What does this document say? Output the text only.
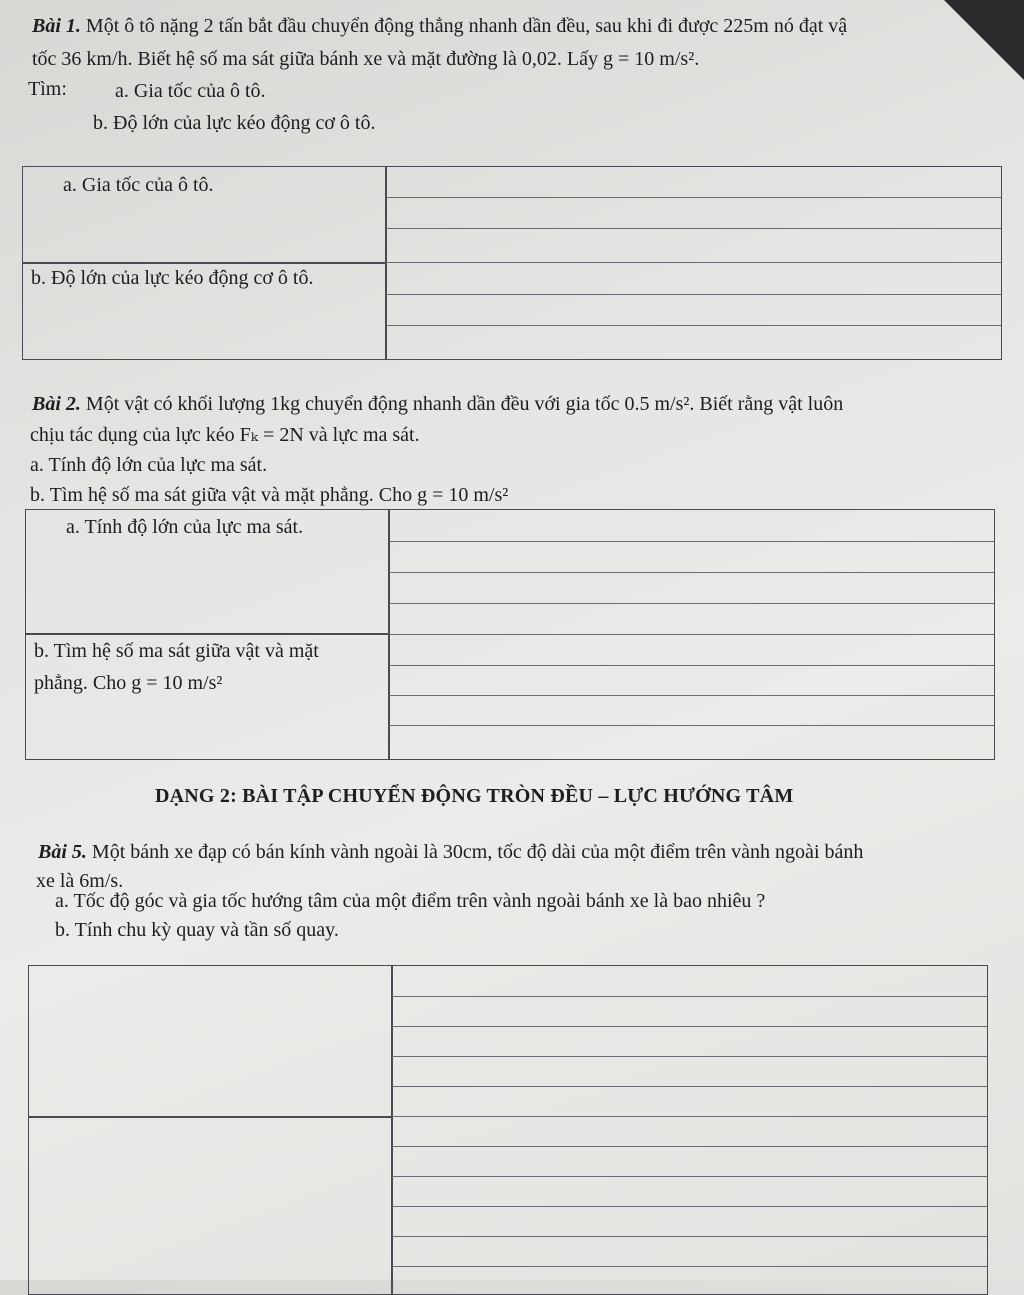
Bài 1. Một ô tô nặng 2 tấn bắt đầu chuyển động thẳng nhanh dần đều, sau khi đi được 225m nó đạt vậ
tốc 36 km/h. Biết hệ số ma sát giữa bánh xe và mặt đường là 0,02. Lấy g = 10 m/s².
Tìm: a. Gia tốc của ô tô.
b. Độ lớn của lực kéo động cơ ô tô.
a. Gia tốc của ô tô.
b. Độ lớn của lực kéo động cơ ô tô.
Bài 2. Một vật có khối lượng 1kg chuyển động nhanh dần đều với gia tốc 0.5 m/s². Biết rằng vật luôn
chịu tác dụng của lực kéo Fₖ = 2N và lực ma sát.
a. Tính độ lớn của lực ma sát.
b. Tìm hệ số ma sát giữa vật và mặt phẳng. Cho g = 10 m/s²
a. Tính độ lớn của lực ma sát.
b. Tìm hệ số ma sát giữa vật và mặt
phẳng. Cho g = 10 m/s²
DẠNG 2: BÀI TẬP CHUYỂN ĐỘNG TRÒN ĐỀU – LỰC HƯỚNG TÂM
Bài 5. Một bánh xe đạp có bán kính vành ngoài là 30cm, tốc độ dài của một điểm trên vành ngoài bánh
xe là 6m/s.
a. Tốc độ góc và gia tốc hướng tâm của một điểm trên vành ngoài bánh xe là bao nhiêu ?
b. Tính chu kỳ quay và tần số quay.
